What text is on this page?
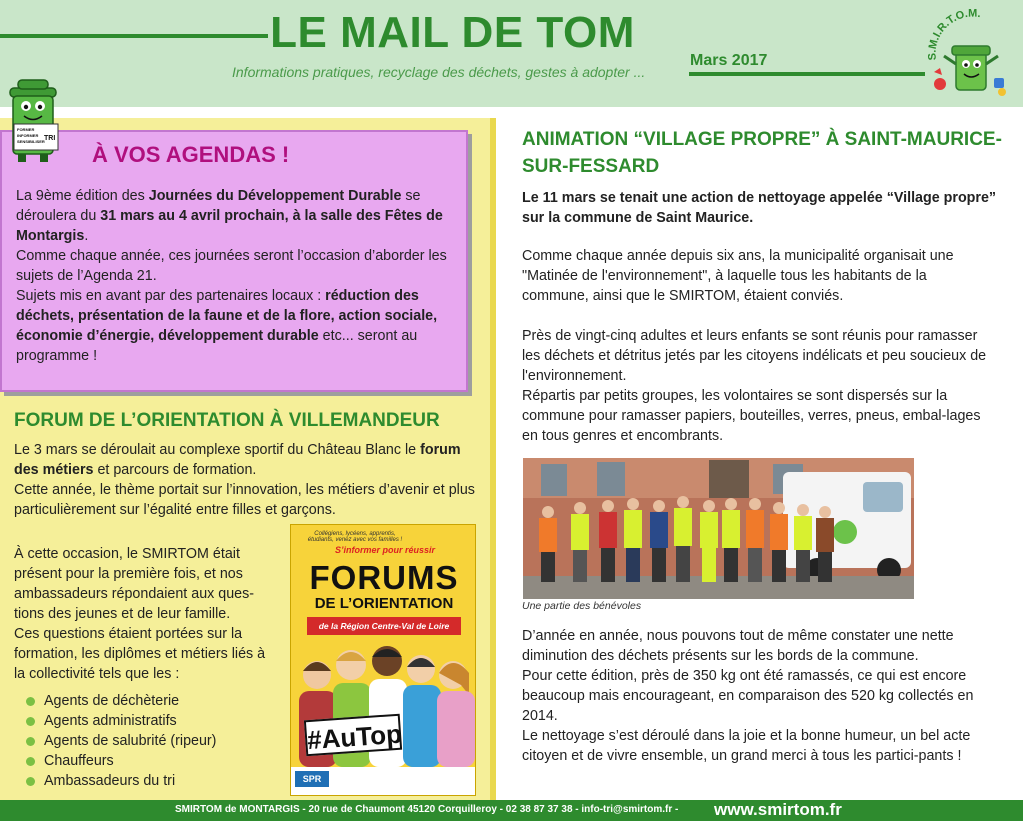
LE MAIL DE TOM
Informations pratiques, recyclage des déchets, gestes à adopter ...
Mars 2017	S.M.I.R.T.O.M.
FORMER
INFORMER
SENSIBILISER TRI
À VOS AGENDAS !
La 9ème édition des Journées du Développement Durable se déroulera du 31 mars au 4 avril prochain, à la salle des Fêtes de Montargis.
Comme chaque année, ces journées seront l’occasion d’aborder les sujets de l’Agenda 21.
Sujets mis en avant par des partenaires locaux : réduction des déchets, présentation de la faune et de la flore, action sociale, économie d’énergie, développement durable etc... seront au programme !
FORUM DE L’ORIENTATION À VILLEMANDEUR
Le 3 mars se déroulait au complexe sportif du Château Blanc le forum des métiers et parcours de formation.
Cette année, le thème portait sur l’innovation, les métiers d’avenir et plus particulièrement sur l’égalité entre filles et garçons.
À cette occasion, le SMIRTOM était présent pour la première fois, et nos ambassadeurs répondaient aux ques-tions des jeunes et de leur famille.
Ces questions étaient portées sur la formation, les diplômes et métiers liés à la collectivité tels que les :
Agents de déchèterie
Agents administratifs
Agents de salubrité (ripeur)
Chauffeurs
Ambassadeurs du tri
Collégiens, lycéens, apprentis, étudiants, venez avec vos familles !
S’informer pour réussir
FORUMS
DE L’ORIENTATION
de la Région Centre-Val de Loire
#AuTop
SPR
ANIMATION “VILLAGE PROPRE” À SAINT-MAURICE-SUR-FESSARD
Le 11 mars se tenait une action de nettoyage appelée “Village propre” sur la commune de Saint Maurice.

Comme chaque année depuis six ans, la municipalité organisait une "Matinée de l'environnement", à laquelle tous les habitants de la commune, ainsi que le SMIRTOM, étaient conviés.

Près de vingt-cinq adultes et leurs enfants se sont réunis pour ramasser les déchets et détritus jetés par les citoyens indélicats et peu soucieux de l'environnement.

Répartis par petits groupes, les volontaires se sont dispersés sur la commune pour ramasser papiers, bouteilles, verres, pneus, embal-lages en tous genres et encombrants.

Une partie des bénévoles
D’année en année, nous pouvons tout de même constater une nette diminution des déchets présents sur les bords de la commune.
Pour cette édition, près de 350 kg ont été ramassés, ce qui est encore beaucoup mais encourageant, en comparaison des 520 kg collectés en 2014.
Le nettoyage s’est déroulé dans la joie et la bonne humeur, un bel acte citoyen et de vivre ensemble, un grand merci à tous les partici-pants !
SMIRTOM de MONTARGIS - 20 rue de Chaumont 45120 Corquilleroy - 02 38 87 37 38 - info-tri@smirtom.fr - www.smirtom.fr
